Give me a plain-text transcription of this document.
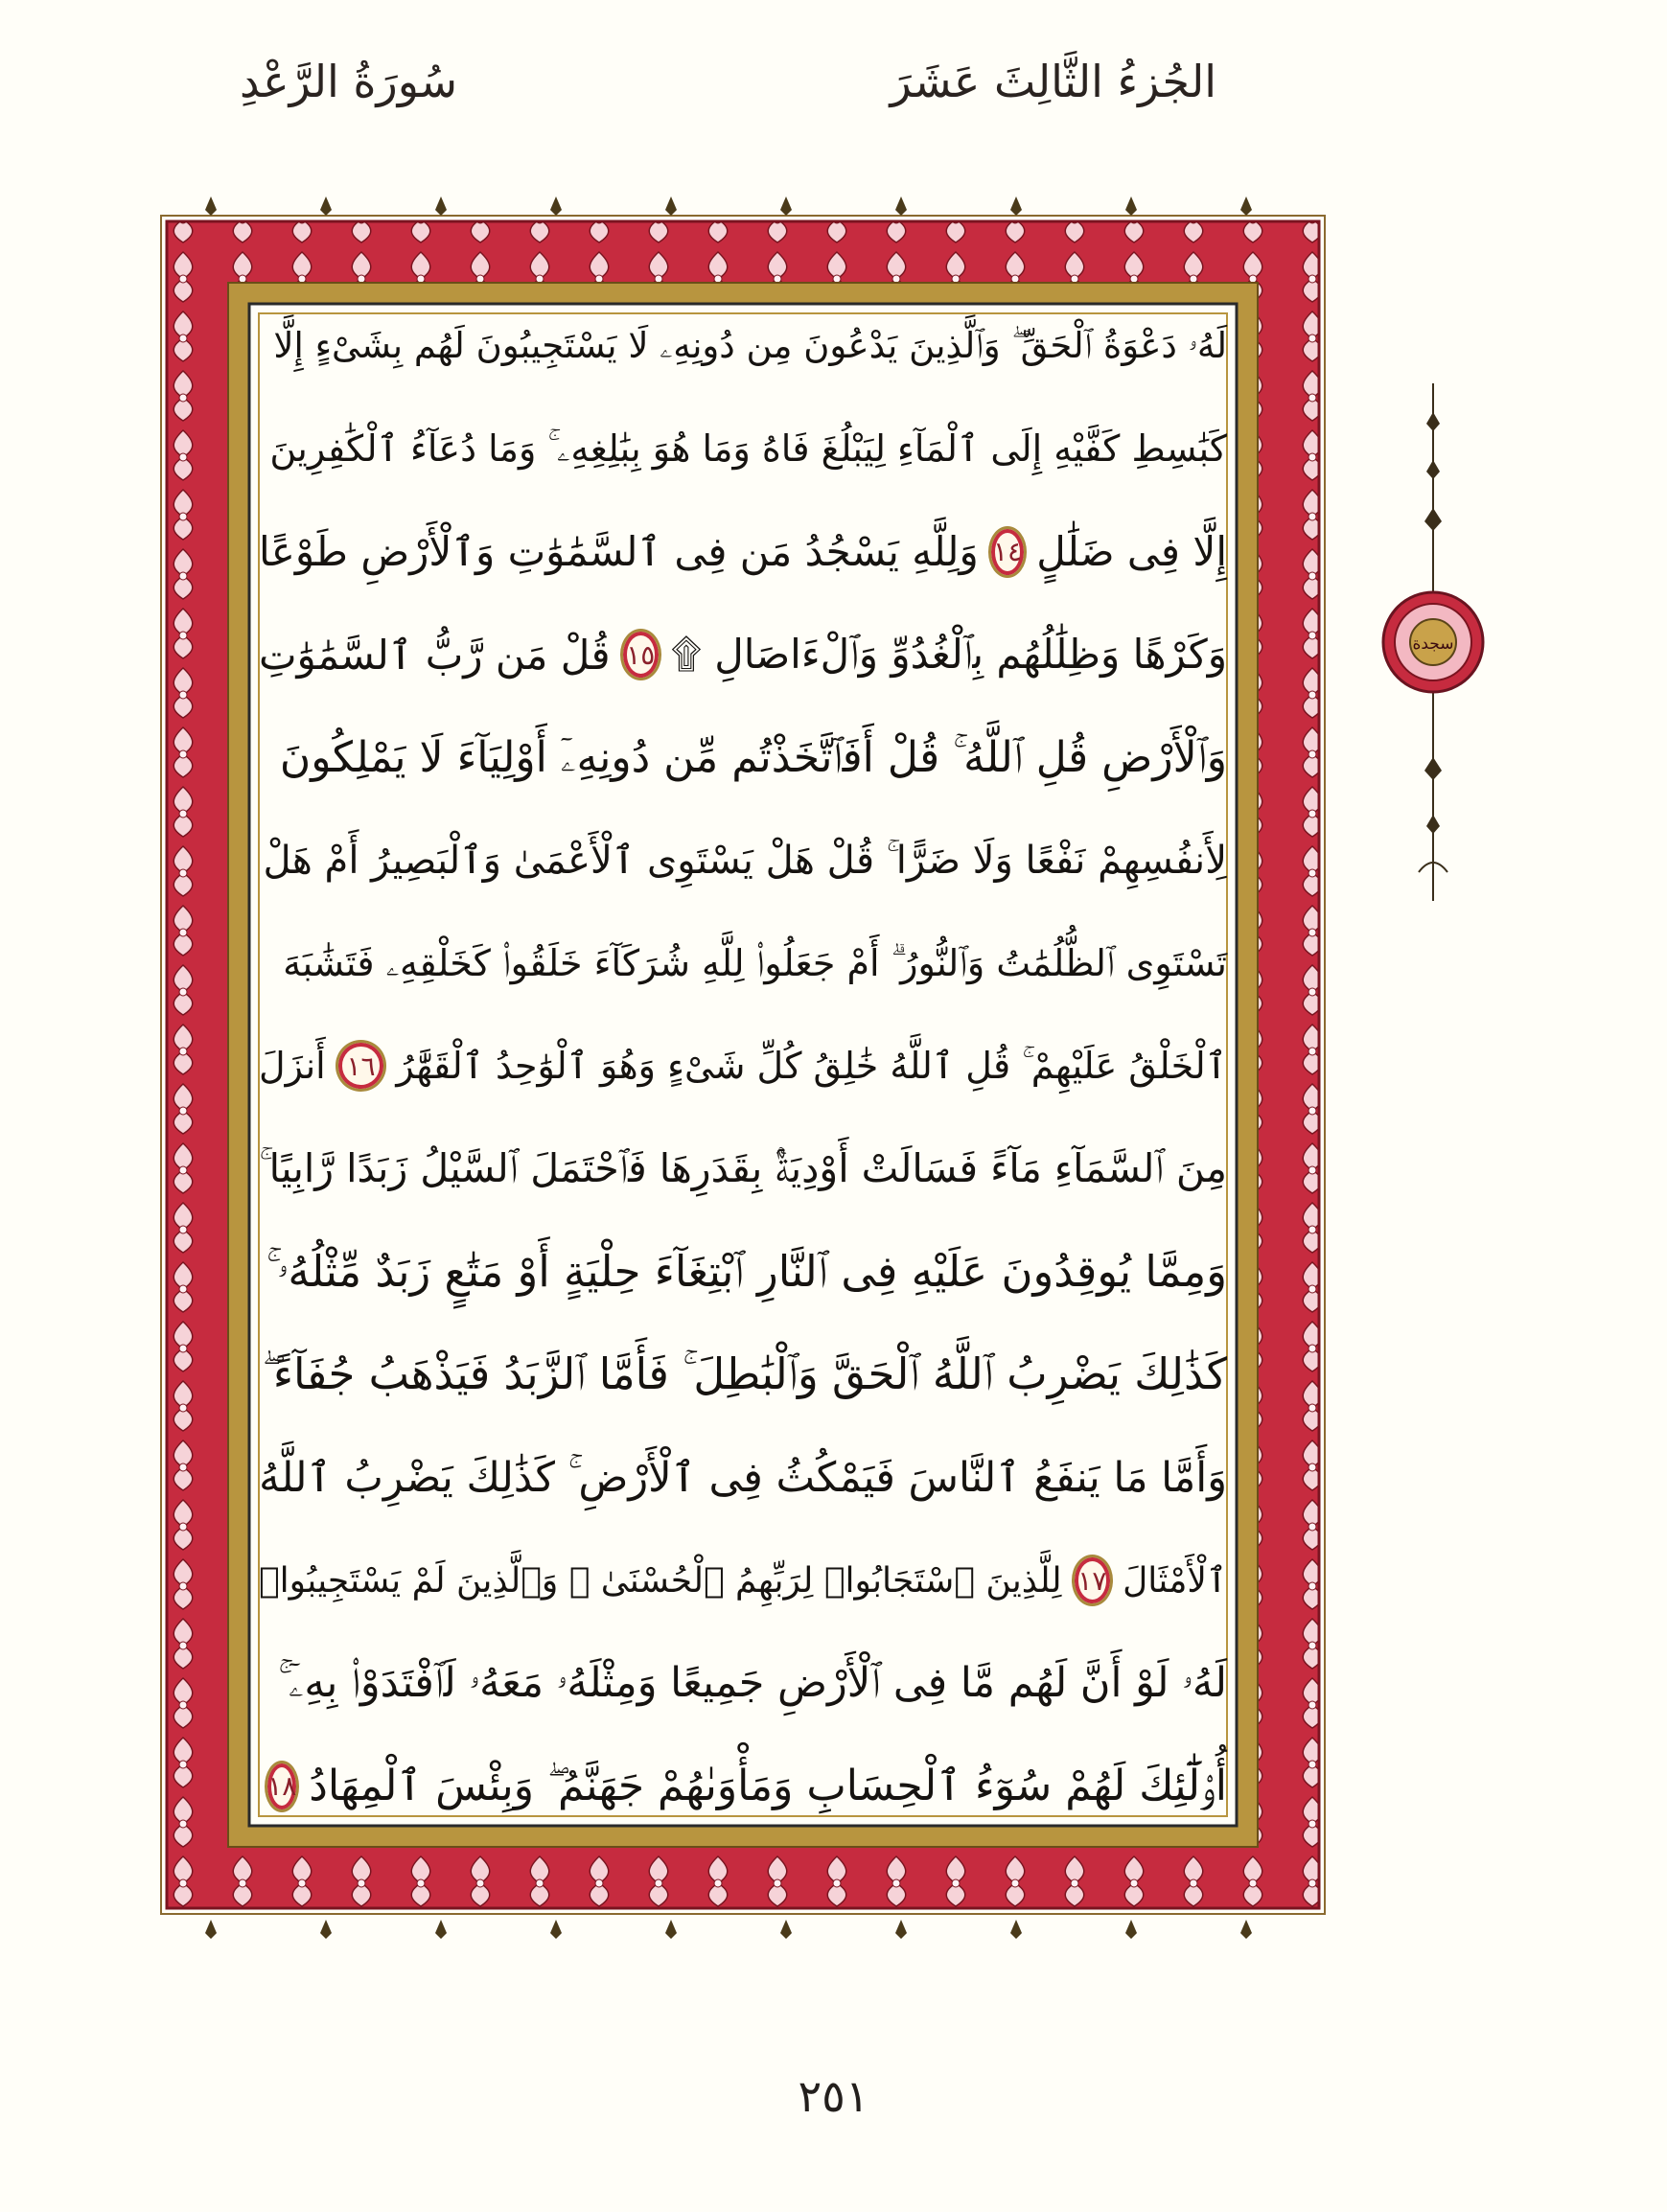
الجُزءُ الثَّالِثَ عَشَرَ
سُورَةُ الرَّعْدِ
لَهُۥ دَعْوَةُ ٱلْحَقِّ ۖ وَٱلَّذِينَ يَدْعُونَ مِن دُونِهِۦ لَا يَسْتَجِيبُونَ لَهُم بِشَىْءٍ إِلَّا
كَبَٰسِطِ كَفَّيْهِ إِلَى ٱلْمَآءِ لِيَبْلُغَ فَاهُ وَمَا هُوَ بِبَٰلِغِهِۦ ۚ وَمَا دُعَآءُ ٱلْكَٰفِرِينَ
إِلَّا فِى ضَلَٰلٍ
١٤
وَلِلَّهِ يَسْجُدُ مَن فِى ٱلسَّمَٰوَٰتِ وَٱلْأَرْضِ طَوْعًا
وَكَرْهًا وَظِلَٰلُهُم بِٱلْغُدُوِّ وَٱلْءَاصَالِ ۩
١٥
قُلْ مَن رَّبُّ ٱلسَّمَٰوَٰتِ
وَٱلْأَرْضِ قُلِ ٱللَّهُ ۚ قُلْ أَفَٱتَّخَذْتُم مِّن دُونِهِۦٓ أَوْلِيَآءَ لَا يَمْلِكُونَ
لِأَنفُسِهِمْ نَفْعًا وَلَا ضَرًّا ۚ قُلْ هَلْ يَسْتَوِى ٱلْأَعْمَىٰ وَٱلْبَصِيرُ أَمْ هَلْ
تَسْتَوِى ٱلظُّلُمَٰتُ وَٱلنُّورُ ۗ أَمْ جَعَلُوا۟ لِلَّهِ شُرَكَآءَ خَلَقُوا۟ كَخَلْقِهِۦ فَتَشَٰبَهَ
ٱلْخَلْقُ عَلَيْهِمْ ۚ قُلِ ٱللَّهُ خَٰلِقُ كُلِّ شَىْءٍ وَهُوَ ٱلْوَٰحِدُ ٱلْقَهَّٰرُ
١٦
أَنزَلَ
مِنَ ٱلسَّمَآءِ مَآءً فَسَالَتْ أَوْدِيَةٌۢ بِقَدَرِهَا فَٱحْتَمَلَ ٱلسَّيْلُ زَبَدًا رَّابِيًا ۚ
وَمِمَّا يُوقِدُونَ عَلَيْهِ فِى ٱلنَّارِ ٱبْتِغَآءَ حِلْيَةٍ أَوْ مَتَٰعٍ زَبَدٌ مِّثْلُهُۥ ۚ
كَذَٰلِكَ يَضْرِبُ ٱللَّهُ ٱلْحَقَّ وَٱلْبَٰطِلَ ۚ فَأَمَّا ٱلزَّبَدُ فَيَذْهَبُ جُفَآءً ۖ
وَأَمَّا مَا يَنفَعُ ٱلنَّاسَ فَيَمْكُثُ فِى ٱلْأَرْضِ ۚ كَذَٰلِكَ يَضْرِبُ ٱللَّهُ
ٱلْأَمْثَالَ
١٧
لِلَّذِينَ ٱسْتَجَابُوا۟ لِرَبِّهِمُ ٱلْحُسْنَىٰ ۚ وَٱلَّذِينَ لَمْ يَسْتَجِيبُوا۟
لَهُۥ لَوْ أَنَّ لَهُم مَّا فِى ٱلْأَرْضِ جَمِيعًا وَمِثْلَهُۥ مَعَهُۥ لَٱفْتَدَوْا۟ بِهِۦٓ ۚ
أُو۟لَٰٓئِكَ لَهُمْ سُوٓءُ ٱلْحِسَابِ وَمَأْوَىٰهُمْ جَهَنَّمُ ۖ وَبِئْسَ ٱلْمِهَادُ
١٨
سجدة
٢٥١
